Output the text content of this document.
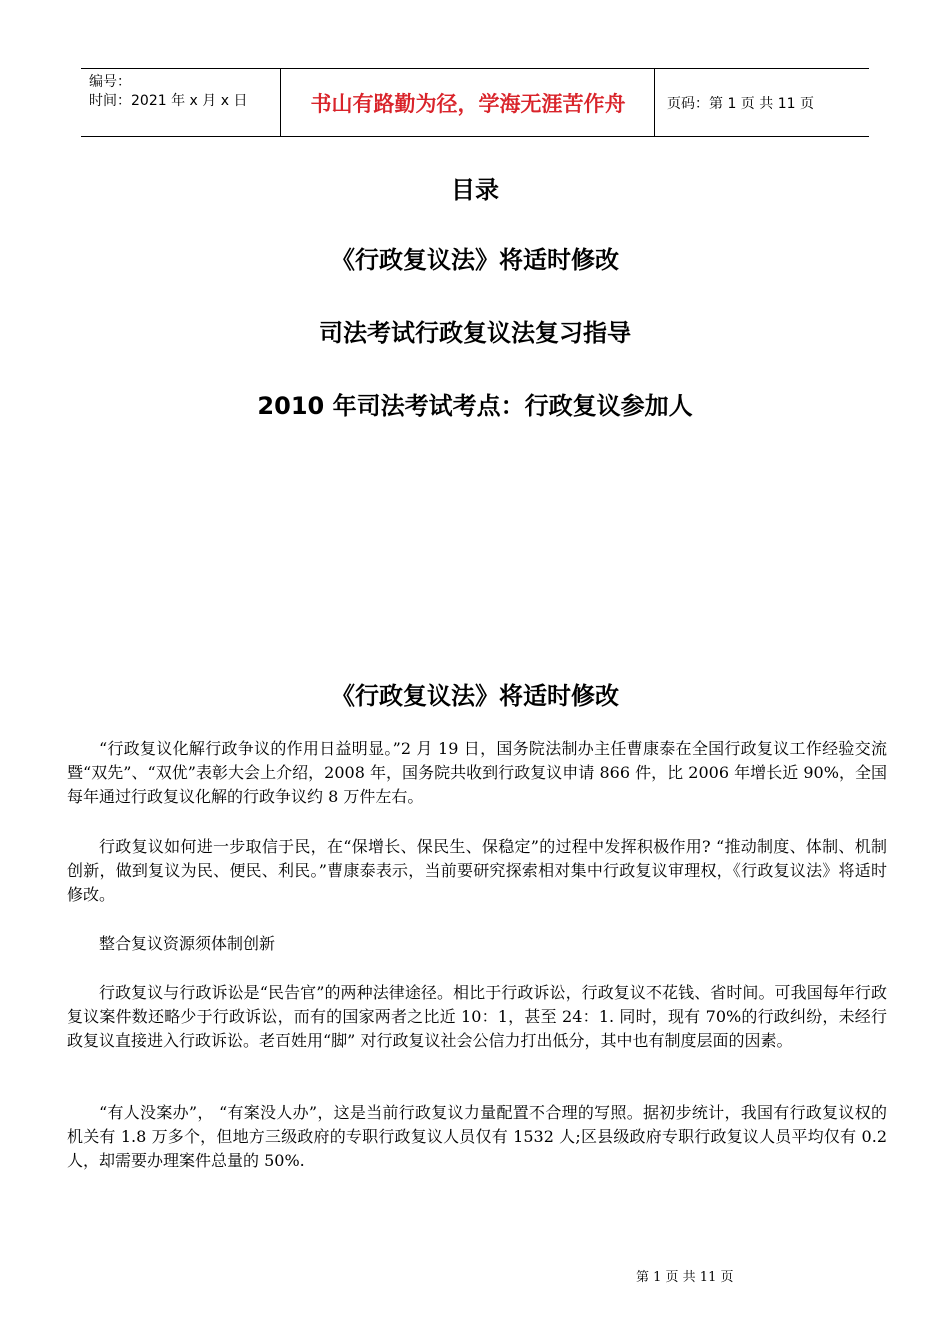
编号：
时间：2021 年 x 月 x 日	书山有路勤为径，学海无涯苦作舟	页码：第 1 页 共 11 页
目录
《行政复议法》将适时修改
司法考试行政复议法复习指导
2010 年司法考试考点：行政复议参加人
《行政复议法》将适时修改

“行政复议化解行政争议的作用日益明显。”2 月 19 日，国务院法制办主任曹康泰在全国行政复议工作经验交流暨“双先”、“双优”表彰大会上介绍，2008 年，国务院共收到行政复议申请 866 件，比 2006 年增长近 90%，全国每年通过行政复议化解的行政争议约 8 万件左右。

行政复议如何进一步取信于民，在“保增长、保民生、保稳定”的过程中发挥积极作用? “推动制度、体制、机制创新，做到复议为民、便民、利民。”曹康泰表示，当前要研究探索相对集中行政复议审理权，《行政复议法》将适时修改。

整合复议资源须体制创新

行政复议与行政诉讼是“民告官”的两种法律途径。相比于行政诉讼，行政复议不花钱、省时间。可我国每年行政复议案件数还略少于行政诉讼，而有的国家两者之比近 10：1，甚至 24：1. 同时，现有 70%的行政纠纷，未经行政复议直接进入行政诉讼。老百姓用“脚” 对行政复议社会公信力打出低分，其中也有制度层面的因素。

“有人没案办”， “有案没人办”，这是当前行政复议力量配置不合理的写照。据初步统计，我国有行政复议权的机关有 1.8 万多个，但地方三级政府的专职行政复议人员仅有 1532 人;区县级政府专职行政复议人员平均仅有 0.2 人，却需要办理案件总量的 50%.

第 1 页 共 11 页
